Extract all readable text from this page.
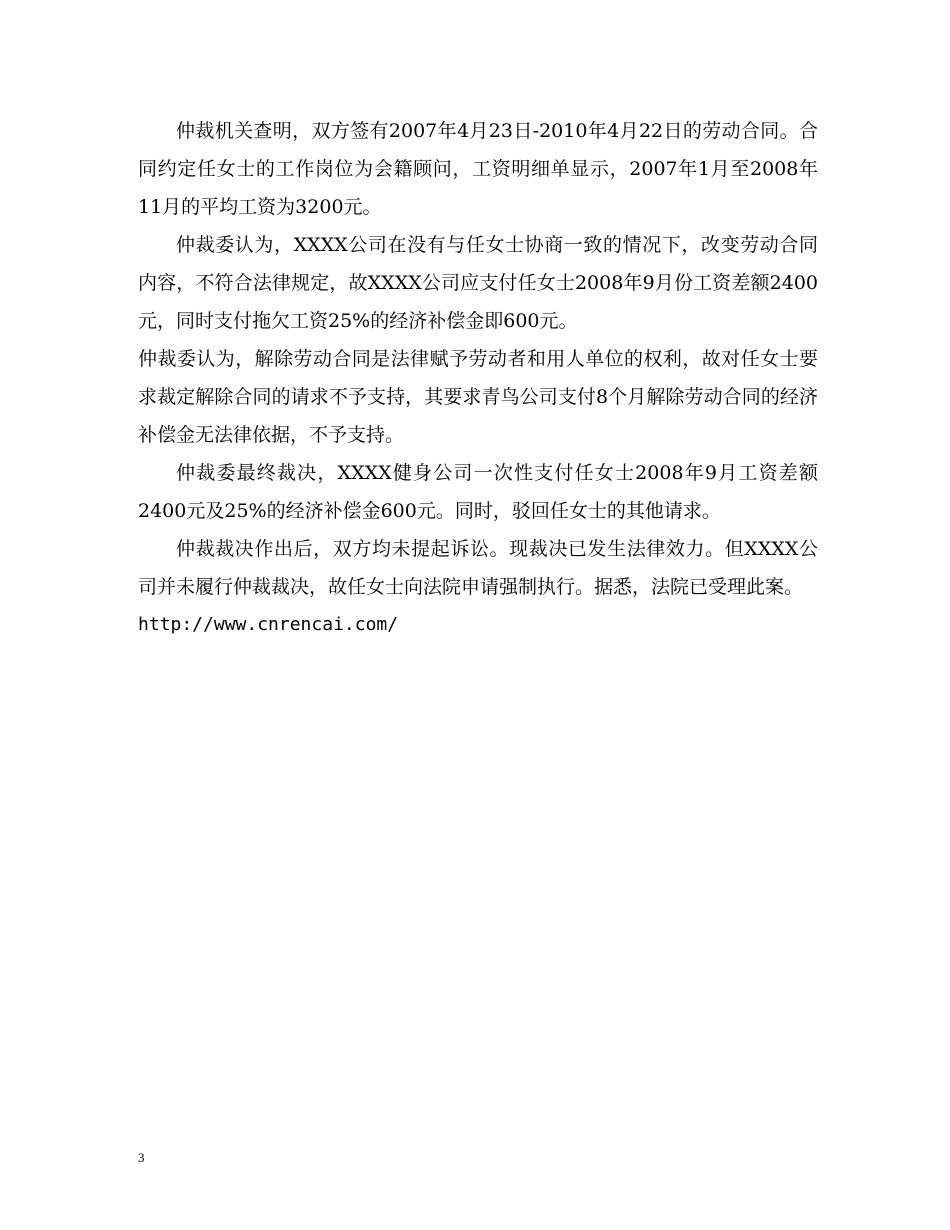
仲裁机关查明，双方签有2007年4月23日-2010年4月22日的劳动合同。合同约定任女士的工作岗位为会籍顾问，工资明细单显示，2007年1月至2008年11月的平均工资为3200元。

仲裁委认为，XXXX公司在没有与任女士协商一致的情况下，改变劳动合同内容，不符合法律规定，故XXXX公司应支付任女士2008年9月份工资差额2400元，同时支付拖欠工资25%的经济补偿金即600元。

仲裁委认为，解除劳动合同是法律赋予劳动者和用人单位的权利，故对任女士要求裁定解除合同的请求不予支持，其要求青鸟公司支付8个月解除劳动合同的经济补偿金无法律依据，不予支持。

仲裁委最终裁决，XXXX健身公司一次性支付任女士2008年9月工资差额2400元及25%的经济补偿金600元。同时，驳回任女士的其他请求。

仲裁裁决作出后，双方均未提起诉讼。现裁决已发生法律效力。但XXXX公司并未履行仲裁裁决，故任女士向法院申请强制执行。据悉，法院已受理此案。

http://www.cnrencai.com/

3
